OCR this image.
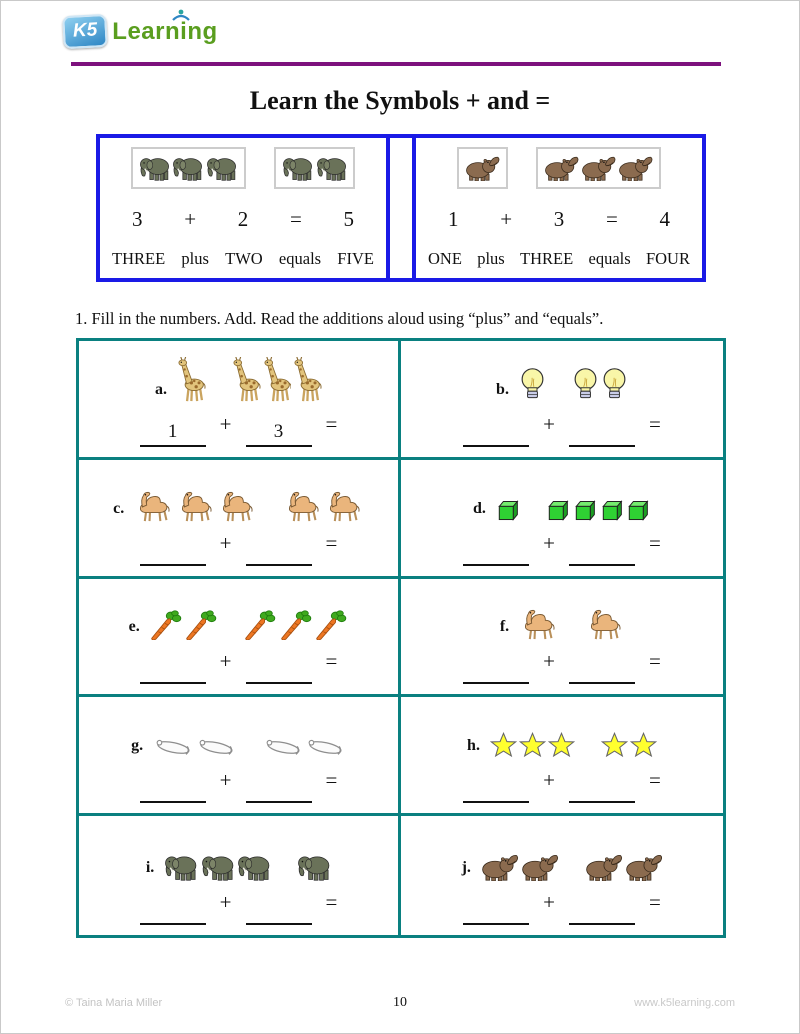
K5 Learning
Learn the Symbols + and =
3 + 2 = 5
THREE plus TWO equals FIVE
1 + 3 = 4
ONE plus THREE equals FOUR
1. Fill in the numbers. Add. Read the additions aloud using “plus” and “equals”.
a.
1	+	3	=
b.
+	=
c.
+	=
d.
+	=
e.
+	=
f.
+	=
g.
+	=
h.
+	=
i.
+	=
j.
+	=
© Taina Maria Miller	10	www.k5learning.com
